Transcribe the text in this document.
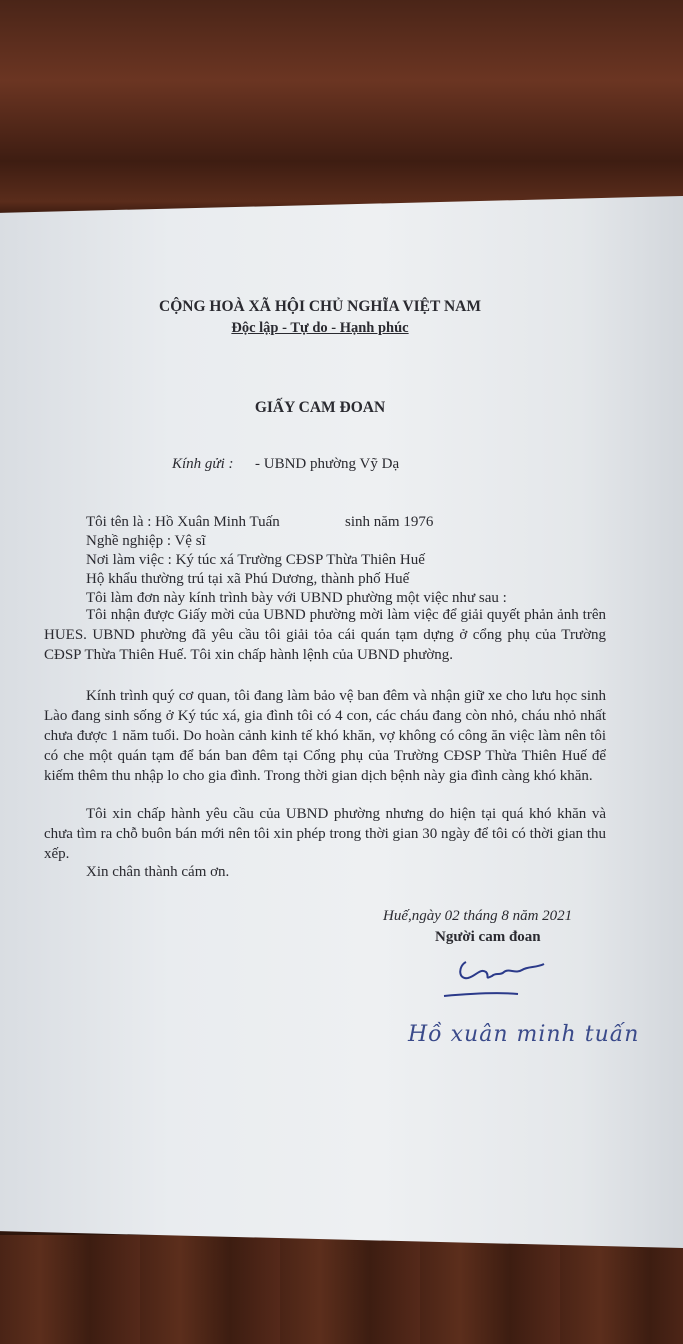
CỘNG HOÀ XÃ HỘI CHỦ NGHĨA VIỆT NAM
Độc lập - Tự do - Hạnh phúc
GIẤY CAM ĐOAN
Kính gửi : - UBND phường Vỹ Dạ
Tôi tên là : Hồ Xuân Minh Tuấn	sinh năm 1976
Nghề nghiệp : Vệ sĩ
Nơi làm việc : Ký túc xá Trường CĐSP Thừa Thiên Huế
Hộ khẩu thường trú tại xã Phú Dương, thành phố Huế
Tôi làm đơn này kính trình bày với UBND phường một việc như sau :
Tôi nhận được Giấy mời của UBND phường mời làm việc để giải quyết phản ảnh trên HUES. UBND phường đã yêu cầu tôi giải tỏa cái quán tạm dựng ở cổng phụ của Trường CĐSP Thừa Thiên Huế. Tôi xin chấp hành lệnh của UBND phường.
Kính trình quý cơ quan, tôi đang làm bảo vệ ban đêm và nhận giữ xe cho lưu học sinh Lào đang sinh sống ở Ký túc xá, gia đình tôi có 4 con, các cháu đang còn nhỏ, cháu nhỏ nhất chưa được 1 năm tuổi. Do hoàn cảnh kinh tế khó khăn, vợ không có công ăn việc làm nên tôi có che một quán tạm để bán ban đêm tại Cổng phụ của Trường CĐSP Thừa Thiên Huế để kiếm thêm thu nhập lo cho gia đình. Trong thời gian dịch bệnh này gia đình càng khó khăn.
Tôi xin chấp hành yêu cầu của UBND phường nhưng do hiện tại quá khó khăn và chưa tìm ra chỗ buôn bán mới nên tôi xin phép trong thời gian 30 ngày để tôi có thời gian thu xếp.
Xin chân thành cám ơn.
Huế,ngày 02 tháng 8 năm 2021
Người cam đoan
Hồ xuân minh tuấn
